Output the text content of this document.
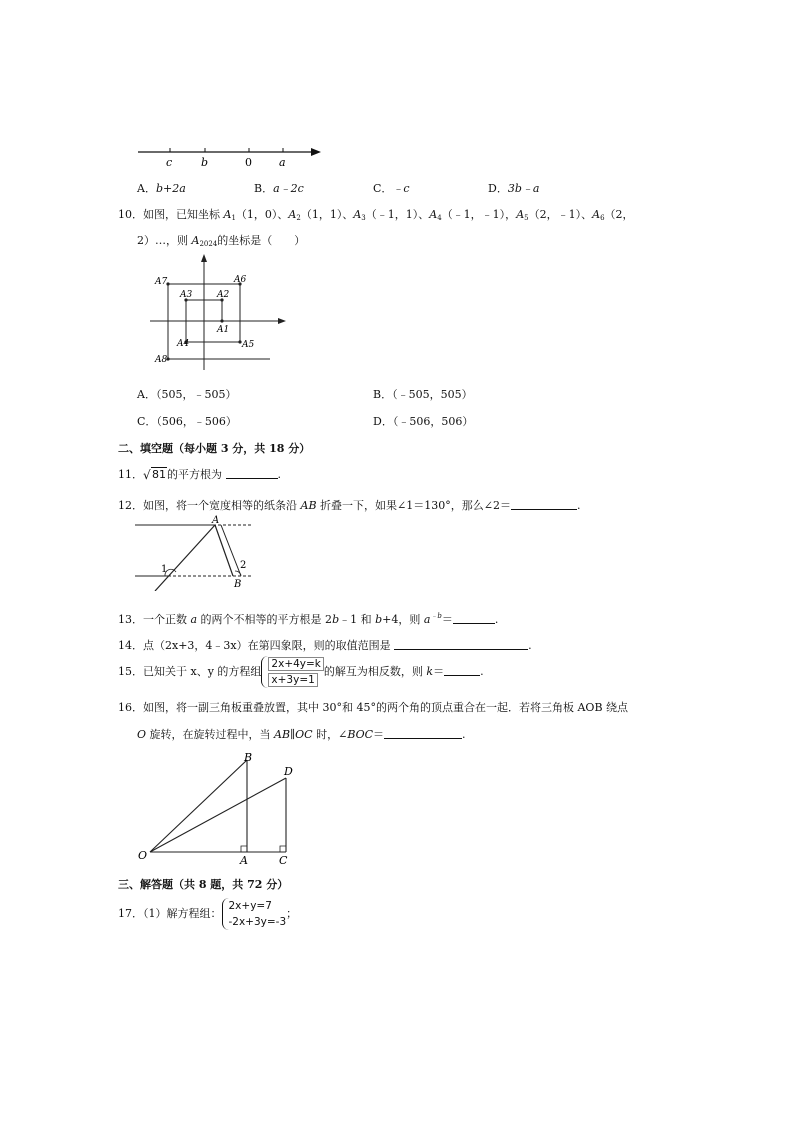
c	b	0 a
A．b+2a	B．a﹣2c	C．﹣c	D．3b﹣a
10．如图，已知坐标 $A_1(1$，0）、$A_2(1$，1）、$A_3(﹣1$，1）、$A_4(﹣1$，﹣1），$A_5(2$，﹣1）、$A_6(2$，
2）…，则 $A_{2024}$的坐标是（　　）
A7	A6
A3	A2
A1
A4	A5
A8
A．（505，﹣505）	B．（﹣505，505）
C．（506，﹣506）	D．（﹣506，506）
二、填空题（每小题 3 分，共 18 分）
11． √ 81的平方根为	.
12．如图，将一个宽度相等的纸条沿 AB 折叠一下，如果∠1＝130°，那么∠2＝	.
A
1	2
B
13．一个正数 a 的两个不相等的平方根是 2b﹣1 和 b+4，则 $a^{﹣b}=$	.
14．点（2x+3，4﹣3x）在第四象限，则的取值范围是	.
15．已知关于 x、y 的方程组
$\frac{2x+4y=k}{x+3y=1}$的解互为相反数，则 k＝	.
16．如图，将一副三角板重叠放置，其中 30°和 45°的两个角的顶点重合在一起．若将三角板 AOB 绕点
O 旋转，在旋转过程中，当 AB∥OC 时，∠BOC＝	.
B
D
O	A	C
三、解答题（共 8 题，共 72 分）
17．（1）解方程组：
2x+y=7
-2x+3y=-3；
